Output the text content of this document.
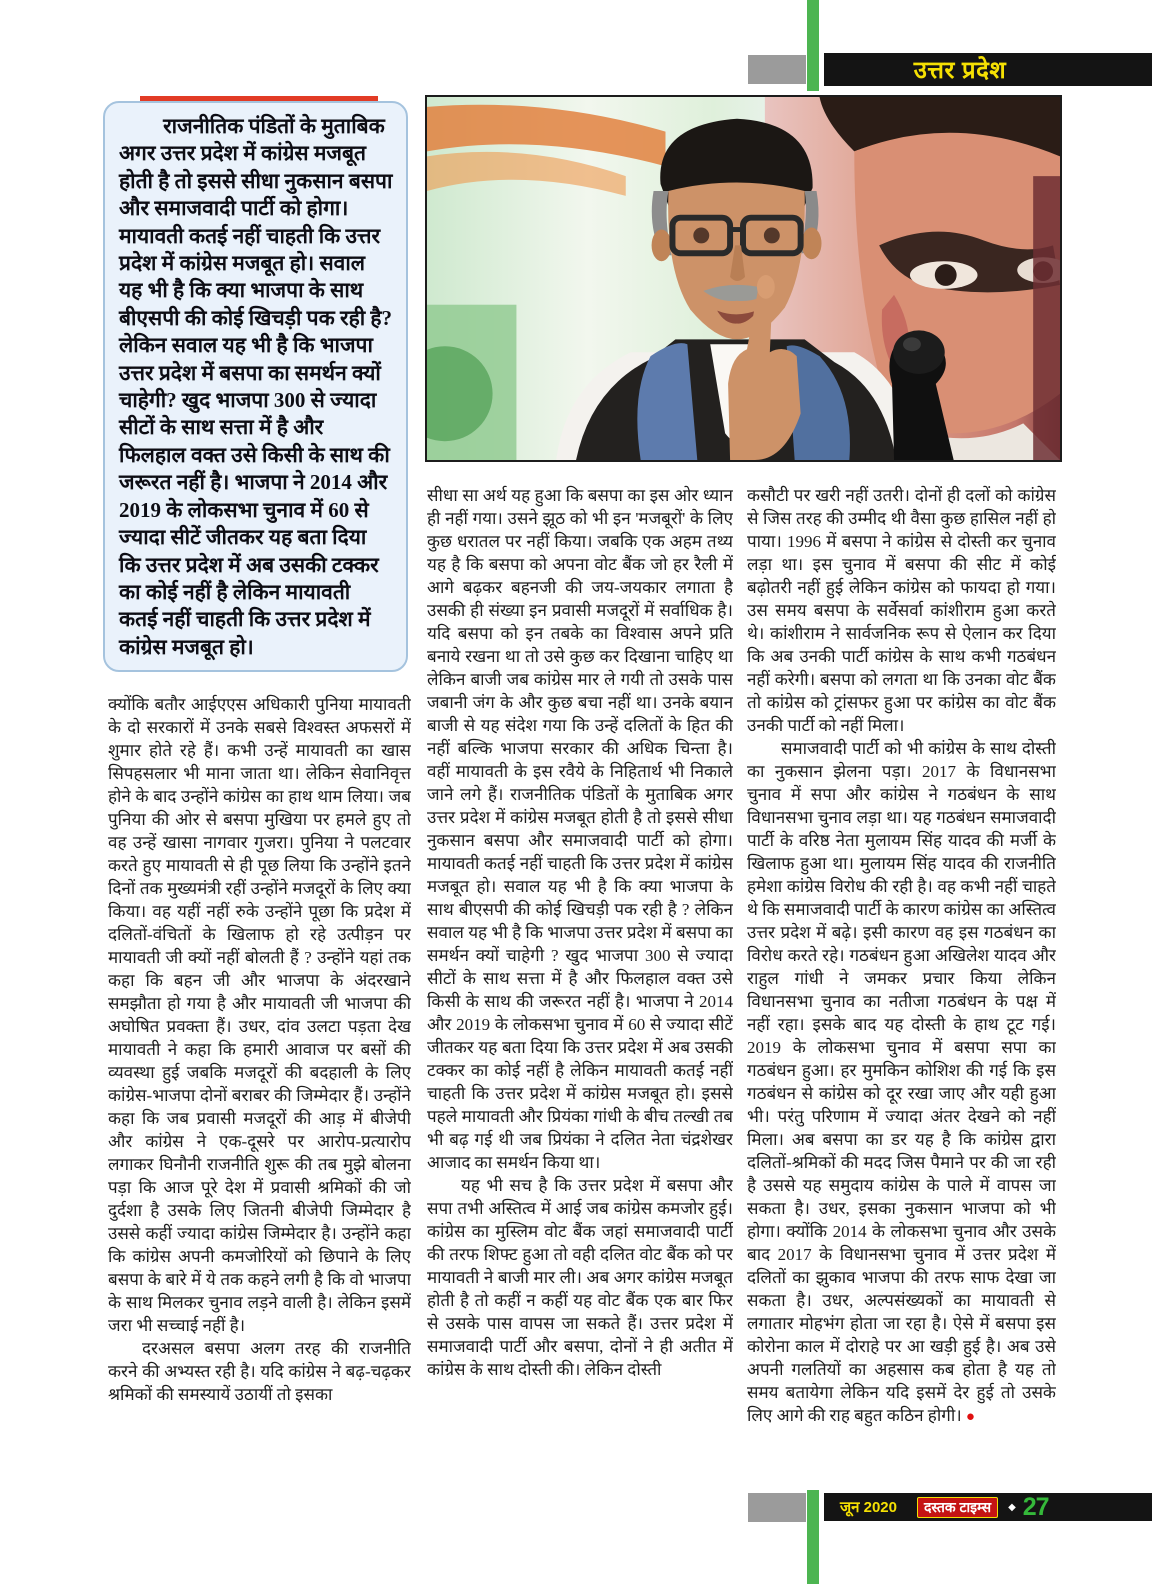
उत्तर प्रदेश

राजनीतिक पंडितों के मुताबिक अगर उत्तर प्रदेश में कांग्रेस मजबूत होती है तो इससे सीधा नुकसान बसपा और समाजवादी पार्टी को होगा। मायावती कतई नहीं चाहती कि उत्तर प्रदेश में कांग्रेस मजबूत हो। सवाल यह भी है कि क्या भाजपा के साथ बीएसपी की कोई खिचड़ी पक रही है? लेकिन सवाल यह भी है कि भाजपा उत्तर प्रदेश में बसपा का समर्थन क्यों चाहेगी? खुद भाजपा 300 से ज्यादा सीटों के साथ सत्ता में है और फिलहाल वक्त उसे किसी के साथ की जरूरत नहीं है। भाजपा ने 2014 और 2019 के लोकसभा चुनाव में 60 से ज्यादा सीटें जीतकर यह बता दिया कि उत्तर प्रदेश में अब उसकी टक्कर का कोई नहीं है लेकिन मायावती कतई नहीं चाहती कि उत्तर प्रदेश में कांग्रेस मजबूत हो।

क्योंकि बतौर आईएएस अधिकारी पुनिया मायावती के दो सरकारों में उनके सबसे विश्वस्त अफसरों में शुमार होते रहे हैं। कभी उन्हें मायावती का खास सिपहसलार भी माना जाता था। लेकिन सेवानिवृत्त होने के बाद उन्होंने कांग्रेस का हाथ थाम लिया। जब पुनिया की ओर से बसपा मुखिया पर हमले हुए तो वह उन्हें खासा नागवार गुजरा। पुनिया ने पलटवार करते हुए मायावती से ही पूछ लिया कि उन्होंने इतने दिनों तक मुख्यमंत्री रहीं उन्होंने मजदूरों के लिए क्या किया। वह यहीं नहीं रुके उन्होंने पूछा कि प्रदेश में दलितों-वंचितों के खिलाफ हो रहे उत्पीड़न पर मायावती जी क्यों नहीं बोलती हैं ? उन्होंने यहां तक कहा कि बहन जी और भाजपा के अंदरखाने समझौता हो गया है और मायावती जी भाजपा की अघोषित प्रवक्ता हैं। उधर, दांव उलटा पड़ता देख मायावती ने कहा कि हमारी आवाज पर बसों की व्यवस्था हुई जबकि मजदूरों की बदहाली के लिए कांग्रेस-भाजपा दोनों बराबर की जिम्मेदार हैं। उन्होंने कहा कि जब प्रवासी मजदूरों की आड़ में बीजेपी और कांग्रेस ने एक-दूसरे पर आरोप-प्रत्यारोप लगाकर घिनौनी राजनीति शुरू की तब मुझे बोलना पड़ा कि आज पूरे देश में प्रवासी श्रमिकों की जो दुर्दशा है उसके लिए जितनी बीजेपी जिम्मेदार है उससे कहीं ज्यादा कांग्रेस जिम्मेदार है। उन्होंने कहा कि कांग्रेस अपनी कमजोरियों को छिपाने के लिए बसपा के बारे में ये तक कहने लगी है कि वो भाजपा के साथ मिलकर चुनाव लड़ने वाली है। लेकिन इसमें जरा भी सच्चाई नहीं है।

दरअसल बसपा अलग तरह की राजनीति करने की अभ्यस्त रही है। यदि कांग्रेस ने बढ़-चढ़कर श्रमिकों की समस्यायें उठायीं तो इसका

सीधा सा अर्थ यह हुआ कि बसपा का इस ओर ध्यान ही नहीं गया। उसने झूठ को भी इन 'मजबूरों' के लिए कुछ धरातल पर नहीं किया। जबकि एक अहम तथ्य यह है कि बसपा को अपना वोट बैंक जो हर रैली में आगे बढ़कर बहनजी की जय-जयकार लगाता है उसकी ही संख्या इन प्रवासी मजदूरों में सर्वाधिक है। यदि बसपा को इन तबके का विश्वास अपने प्रति बनाये रखना था तो उसे कुछ कर दिखाना चाहिए था लेकिन बाजी जब कांग्रेस मार ले गयी तो उसके पास जबानी जंग के और कुछ बचा नहीं था। उनके बयान बाजी से यह संदेश गया कि उन्हें दलितों के हित की नहीं बल्कि भाजपा सरकार की अधिक चिन्ता है। वहीं मायावती के इस रवैये के निहितार्थ भी निकाले जाने लगे हैं। राजनीतिक पंडितों के मुताबिक अगर उत्तर प्रदेश में कांग्रेस मजबूत होती है तो इससे सीधा नुकसान बसपा और समाजवादी पार्टी को होगा। मायावती कतई नहीं चाहती कि उत्तर प्रदेश में कांग्रेस मजबूत हो। सवाल यह भी है कि क्या भाजपा के साथ बीएसपी की कोई खिचड़ी पक रही है ? लेकिन सवाल यह भी है कि भाजपा उत्तर प्रदेश में बसपा का समर्थन क्यों चाहेगी ? खुद भाजपा 300 से ज्यादा सीटों के साथ सत्ता में है और फिलहाल वक्त उसे किसी के साथ की जरूरत नहीं है। भाजपा ने 2014 और 2019 के लोकसभा चुनाव में 60 से ज्यादा सीटें जीतकर यह बता दिया कि उत्तर प्रदेश में अब उसकी टक्कर का कोई नहीं है लेकिन मायावती कतई नहीं चाहती कि उत्तर प्रदेश में कांग्रेस मजबूत हो। इससे पहले मायावती और प्रियंका गांधी के बीच तल्खी तब भी बढ़ गई थी जब प्रियंका ने दलित नेता चंद्रशेखर आजाद का समर्थन किया था।

यह भी सच है कि उत्तर प्रदेश में बसपा और सपा तभी अस्तित्व में आई जब कांग्रेस कमजोर हुई। कांग्रेस का मुस्लिम वोट बैंक जहां समाजवादी पार्टी की तरफ शिफ्ट हुआ तो वही दलित वोट बैंक को पर मायावती ने बाजी मार ली। अब अगर कांग्रेस मजबूत होती है तो कहीं न कहीं यह वोट बैंक एक बार फिर से उसके पास वापस जा सकते हैं। उत्तर प्रदेश में समाजवादी पार्टी और बसपा, दोनों ने ही अतीत में कांग्रेस के साथ दोस्ती की। लेकिन दोस्ती

कसौटी पर खरी नहीं उतरी। दोनों ही दलों को कांग्रेस से जिस तरह की उम्मीद थी वैसा कुछ हासिल नहीं हो पाया। 1996 में बसपा ने कांग्रेस से दोस्ती कर चुनाव लड़ा था। इस चुनाव में बसपा की सीट में कोई बढ़ोतरी नहीं हुई लेकिन कांग्रेस को फायदा हो गया। उस समय बसपा के सर्वेसर्वा कांशीराम हुआ करते थे। कांशीराम ने सार्वजनिक रूप से ऐलान कर दिया कि अब उनकी पार्टी कांग्रेस के साथ कभी गठबंधन नहीं करेगी। बसपा को लगता था कि उनका वोट बैंक तो कांग्रेस को ट्रांसफर हुआ पर कांग्रेस का वोट बैंक उनकी पार्टी को नहीं मिला।

समाजवादी पार्टी को भी कांग्रेस के साथ दोस्ती का नुकसान झेलना पड़ा। 2017 के विधानसभा चुनाव में सपा और कांग्रेस ने गठबंधन के साथ विधानसभा चुनाव लड़ा था। यह गठबंधन समाजवादी पार्टी के वरिष्ठ नेता मुलायम सिंह यादव की मर्जी के खिलाफ हुआ था। मुलायम सिंह यादव की राजनीति हमेशा कांग्रेस विरोध की रही है। वह कभी नहीं चाहते थे कि समाजवादी पार्टी के कारण कांग्रेस का अस्तित्व उत्तर प्रदेश में बढ़े। इसी कारण वह इस गठबंधन का विरोध करते रहे। गठबंधन हुआ अखिलेश यादव और राहुल गांधी ने जमकर प्रचार किया लेकिन विधानसभा चुनाव का नतीजा गठबंधन के पक्ष में नहीं रहा। इसके बाद यह दोस्ती के हाथ टूट गई। 2019 के लोकसभा चुनाव में बसपा सपा का गठबंधन हुआ। हर मुमकिन कोशिश की गई कि इस गठबंधन से कांग्रेस को दूर रखा जाए और यही हुआ भी। परंतु परिणाम में ज्यादा अंतर देखने को नहीं मिला। अब बसपा का डर यह है कि कांग्रेस द्वारा दलितों-श्रमिकों की मदद जिस पैमाने पर की जा रही है उससे यह समुदाय कांग्रेस के पाले में वापस जा सकता है। उधर, इसका नुकसान भाजपा को भी होगा। क्योंकि 2014 के लोकसभा चुनाव और उसके बाद 2017 के विधानसभा चुनाव में उत्तर प्रदेश में दलितों का झुकाव भाजपा की तरफ साफ देखा जा सकता है। उधर, अल्पसंख्यकों का मायावती से लगातार मोहभंग होता जा रहा है। ऐसे में बसपा इस कोरोना काल में दोराहे पर आ खड़ी हुई है। अब उसे अपनी गलतियों का अहसास कब होता है यह तो समय बतायेगा लेकिन यदि इसमें देर हुई तो उसके लिए आगे की राह बहुत कठिन होगी। ●

जून 2020	दस्तक टाइम्स	◆ 27
